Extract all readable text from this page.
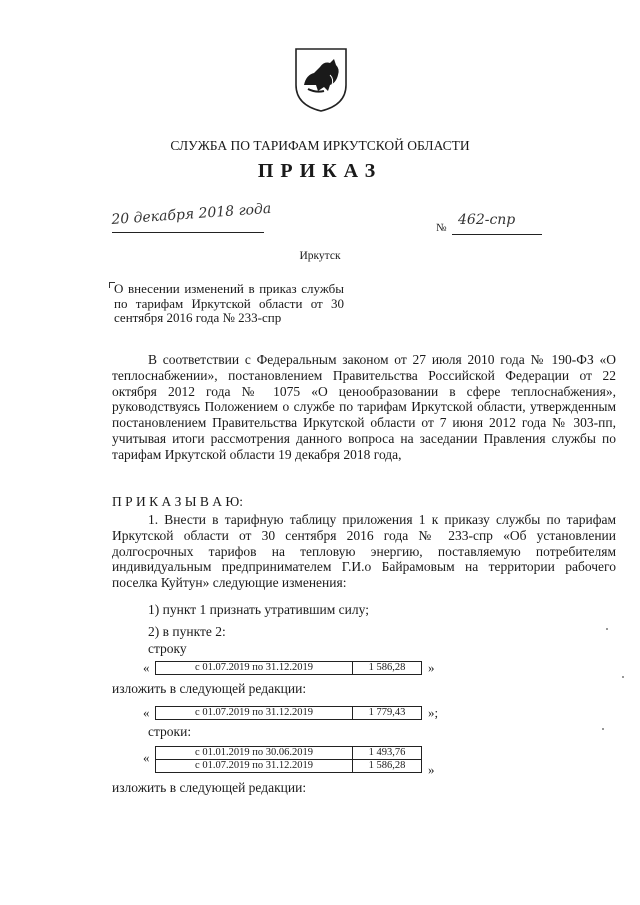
СЛУЖБА ПО ТАРИФАМ ИРКУТСКОЙ ОБЛАСТИ
ПРИКАЗ
20 декабря 2018 года	№ 462-спр
Иркутск
О внесении изменений в приказ службы по тарифам Иркутской области от 30 сентября 2016 года № 233-спр
В соответствии с Федеральным законом от 27 июля 2010 года № 190-ФЗ «О теплоснабжении», постановлением Правительства Российской Федерации от 22 октября 2012 года № 1075 «О ценообразовании в сфере теплоснабжения», руководствуясь Положением о службе по тарифам Иркутской области, утвержденным постановлением Правительства Иркутской области от 7 июня 2012 года № 303-пп, учитывая итоги рассмотрения данного вопроса на заседании Правления службы по тарифам Иркутской области 19 декабря 2018 года,
П Р И К А З Ы В А Ю:
1. Внести в тарифную таблицу приложения 1 к приказу службы по тарифам Иркутской области от 30 сентября 2016 года № 233-спр «Об установлении долгосрочных тарифов на тепловую энергию, поставляемую потребителям индивидуальным предпринимателем Г.И.о Байрамовым на территории рабочего поселка Куйтун» следующие изменения:
1) пункт 1 признать утратившим силу;
2) в пункте 2:
строку
«	с 01.07.2019 по 31.12.2019	1 586,28 »
изложить в следующей редакции:
«	с 01.07.2019 по 31.12.2019	1 779,43 »;
строки:
«	с 01.01.2019 по 30.06.2019	1 493,76
с 01.07.2019 по 31.12.2019	1 586,28 »
изложить в следующей редакции:
